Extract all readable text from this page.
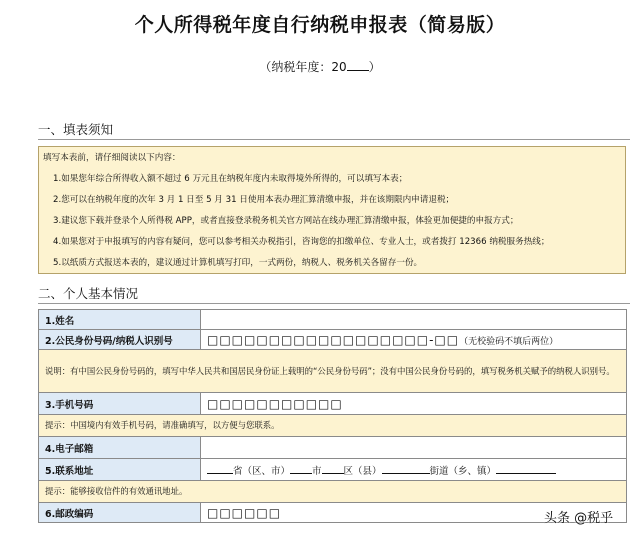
个人所得税年度自行纳税申报表（简易版）
（纳税年度：20 ）
一、填表须知
填写本表前，请仔细阅读以下内容：
1.如果您年综合所得收入额不超过 6 万元且在纳税年度内未取得境外所得的，可以填写本表；
2.您可以在纳税年度的次年 3 月 1 日至 5 月 31 日使用本表办理汇算清缴申报，并在该期限内申请退税；
3.建议您下载并登录个人所得税 APP，或者直接登录税务机关官方网站在线办理汇算清缴申报，体验更加便捷的申报方式；
4.如果您对于申报填写的内容有疑问，您可以参考相关办税指引，咨询您的扣缴单位、专业人士，或者拨打 12366 纳税服务热线；
5.以纸质方式报送本表的，建议通过计算机填写打印，一式两份，纳税人、税务机关各留存一份。
二、个人基本情况
1.姓名	
2.公民身份号码/纳税人识别号	□□□□□□□□□□□□□□□□□□-□□（无校验码不填后两位）
说明：有中国公民身份号码的，填写中华人民共和国居民身份证上载明的“公民身份号码”；没有中国公民身份号码的，填写税务机关赋予的纳税人识别号。	
3.手机号码	□□□□□□□□□□□
提示：中国境内有效手机号码，请准确填写，以方便与您联系。	
4.电子邮箱	
5.联系地址	省（区、市） 市 区（县） 街道（乡、镇）
提示：能够接收信件的有效通讯地址。	
6.邮政编码	□□□□□□	头条 @税乎
